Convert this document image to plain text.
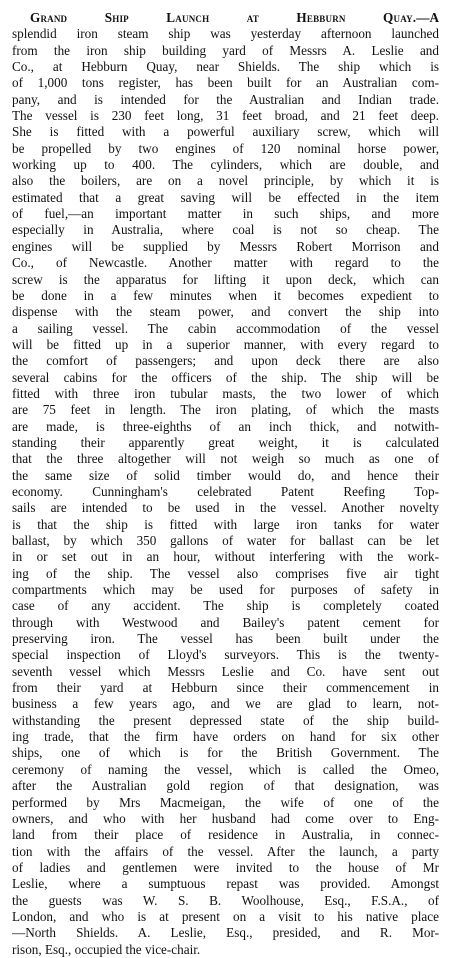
Grand Ship Launch at Hebburn Quay.—A
splendid iron steam ship was yesterday afternoon launched
from the iron ship building yard of Messrs A. Leslie and
Co., at Hebburn Quay, near Shields. The ship which is
of 1,000 tons register, has been built for an Australian com-
pany, and is intended for the Australian and Indian trade.
The vessel is 230 feet long, 31 feet broad, and 21 feet deep.
She is fitted with a powerful auxiliary screw, which will
be propelled by two engines of 120 nominal horse power,
working up to 400. The cylinders, which are double, and
also the boilers, are on a novel principle, by which it is
estimated that a great saving will be effected in the item
of fuel,—an important matter in such ships, and more
especially in Australia, where coal is not so cheap. The
engines will be supplied by Messrs Robert Morrison and
Co., of Newcastle. Another matter with regard to the
screw is the apparatus for lifting it upon deck, which can
be done in a few minutes when it becomes expedient to
dispense with the steam power, and convert the ship into
a sailing vessel. The cabin accommodation of the vessel
will be fitted up in a superior manner, with every regard to
the comfort of passengers; and upon deck there are also
several cabins for the officers of the ship. The ship will be
fitted with three iron tubular masts, the two lower of which
are 75 feet in length. The iron plating, of which the masts
are made, is three-eighths of an inch thick, and notwith-
standing their apparently great weight, it is calculated
that the three altogether will not weigh so much as one of
the same size of solid timber would do, and hence their
economy. Cunningham's celebrated Patent Reefing Top-
sails are intended to be used in the vessel. Another novelty
is that the ship is fitted with large iron tanks for water
ballast, by which 350 gallons of water for ballast can be let
in or set out in an hour, without interfering with the work-
ing of the ship. The vessel also comprises five air tight
compartments which may be used for purposes of safety in
case of any accident. The ship is completely coated
through with Westwood and Bailey's patent cement for
preserving iron. The vessel has been built under the
special inspection of Lloyd's surveyors. This is the twenty-
seventh vessel which Messrs Leslie and Co. have sent out
from their yard at Hebburn since their commencement in
business a few years ago, and we are glad to learn, not-
withstanding the present depressed state of the ship build-
ing trade, that the firm have orders on hand for six other
ships, one of which is for the British Government. The
ceremony of naming the vessel, which is called the Omeo,
after the Australian gold region of that designation, was
performed by Mrs Macmeigan, the wife of one of the
owners, and who with her husband had come over to Eng-
land from their place of residence in Australia, in connec-
tion with the affairs of the vessel. After the launch, a party
of ladies and gentlemen were invited to the house of Mr
Leslie, where a sumptuous repast was provided. Amongst
the guests was W. S. B. Woolhouse, Esq., F.S.A., of
London, and who is at present on a visit to his native place
—North Shields. A. Leslie, Esq., presided, and R. Mor-
rison, Esq., occupied the vice-chair.
